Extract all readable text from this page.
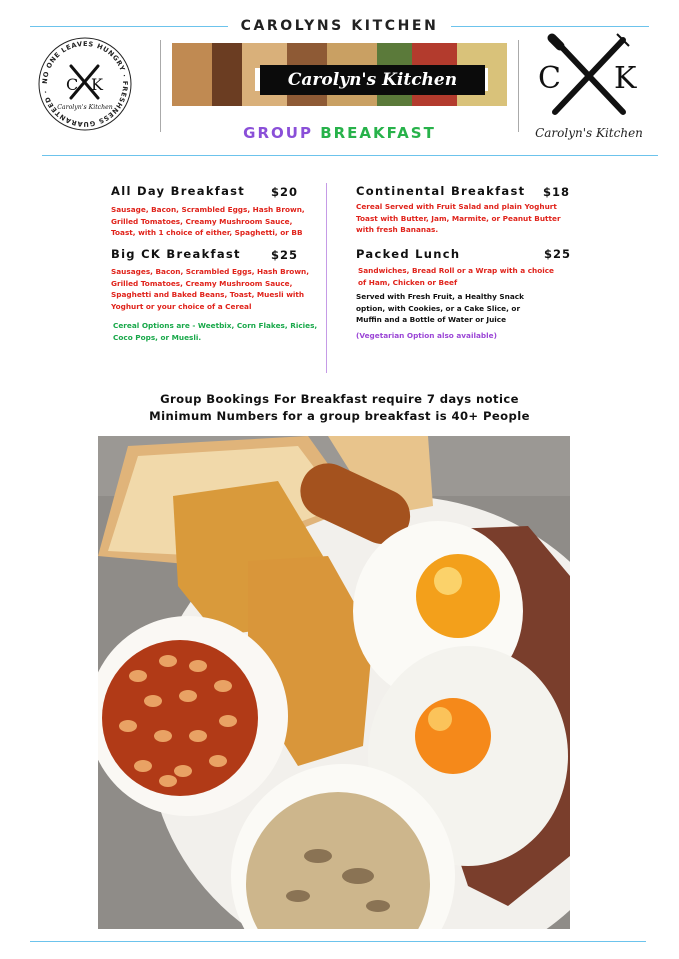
CAROLYNS KITCHEN
NO ONE LEAVES HUNGRY · FRESHNESS GUARANTEED ·	C K
Carolyn's Kitchen
Carolyn's Kitchen
GROUP BREAKFAST
C K
Carolyn's Kitchen
All Day Breakfast $20
Sausage, Bacon, Scrambled Eggs, Hash Brown,
Grilled Tomatoes, Creamy Mushroom Sauce,
Toast, with 1 choice of either, Spaghetti, or BB
Big CK Breakfast	$25
Sausages, Bacon, Scrambled Eggs, Hash Brown,
Grilled Tomatoes, Creamy Mushroom Sauce,
Spaghetti and Baked Beans, Toast, Muesli with
Yoghurt or your choice of a Cereal
Cereal Options are - Weetbix, Corn Flakes, Ricies,
Coco Pops, or Muesli.
Continental Breakfast $18
Cereal Served with Fruit Salad and plain Yoghurt
Toast with Butter, Jam, Marmite, or Peanut Butter
with fresh Bananas.
Packed Lunch	$25
Sandwiches, Bread Roll or a Wrap with a choice
of Ham, Chicken or Beef
Served with Fresh Fruit, a Healthy Snack
option, with Cookies, or a Cake Slice, or
Muffin and a Bottle of Water or Juice
(Vegetarian Option also available)
Group Bookings For Breakfast require 7 days notice
Minimum Numbers for a group breakfast is 40+ People
